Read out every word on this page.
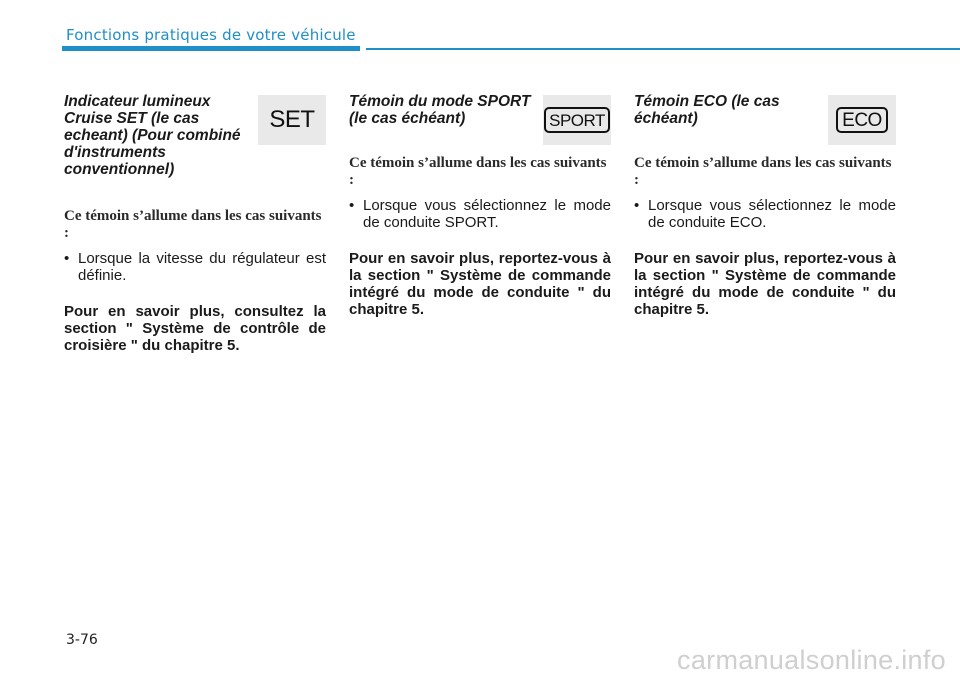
Fonctions pratiques de votre véhicule
Indicateur lumineux Cruise SET (le cas echeant) (Pour combiné d'instruments conventionnel)
SET

Ce témoin s’allume dans les cas suivants :

• Lorsque la vitesse du régulateur est définie.

Pour en savoir plus, consultez la section " Système de contrôle de croisière " du chapitre 5.

Témoin du mode SPORT (le cas échéant)	SPORT

Ce témoin s’allume dans les cas suivants :

• Lorsque vous sélectionnez le mode de conduite SPORT.

Pour en savoir plus, reportez-vous à la section " Système de commande intégré du mode de conduite " du chapitre 5.

Témoin ECO (le cas échéant)	ECO

Ce témoin s’allume dans les cas suivants :

• Lorsque vous sélectionnez le mode de conduite ECO.

Pour en savoir plus, reportez-vous à la section " Système de commande intégré du mode de conduite " du chapitre 5.

3-76
carmanualsonline.info
